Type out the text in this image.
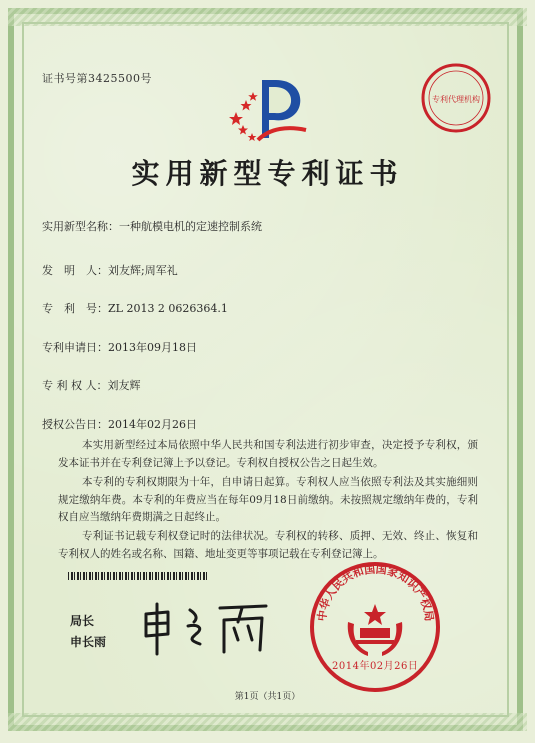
证书号第3425500号
实用新型专利证书
实用新型名称：一种航模电机的定速控制系统
发　明　人：刘友辉;周军礼
专　利　号：ZL 2013 2 0626364.1
专利申请日：2013年09月18日
专 利 权 人：刘友辉
授权公告日：2014年02月26日
本实用新型经过本局依照中华人民共和国专利法进行初步审查，决定授予专利权，颁发本证书并在专利登记簿上予以登记。专利权自授权公告之日起生效。
本专利的专利权期限为十年，自申请日起算。专利权人应当依照专利法及其实施细则规定缴纳年费。本专利的年费应当在每年09月18日前缴纳。未按照规定缴纳年费的，专利权自应当缴纳年费期满之日起终止。
专利证书记载专利权登记时的法律状况。专利权的转移、质押、无效、终止、恢复和专利权人的姓名或名称、国籍、地址变更等事项记载在专利登记簿上。
局长
申长雨
专利代理机构
中华人民共和国国家知识产权局
2014年02月26日
第1页（共1页）
